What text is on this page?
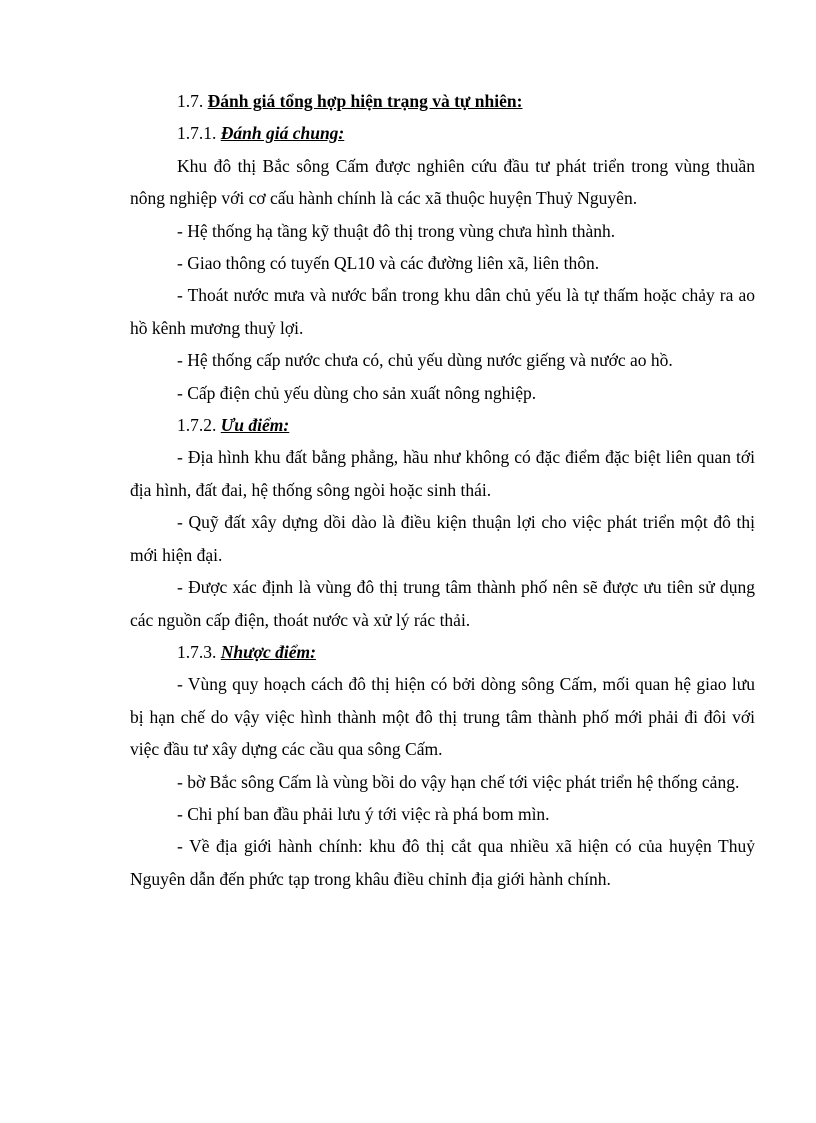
1.7. Đánh giá tổng hợp hiện trạng và tự nhiên:

1.7.1. Đánh giá chung:

Khu đô thị Bắc sông Cấm được nghiên cứu đầu tư phát triển trong vùng thuần nông nghiệp với cơ cấu hành chính là các xã thuộc huyện Thuỷ Nguyên.

- Hệ thống hạ tầng kỹ thuật đô thị trong vùng chưa hình thành.

- Giao thông có tuyến QL10 và các đường liên xã, liên thôn.

- Thoát nước mưa và nước bẩn trong khu dân chủ yếu là tự thấm hoặc chảy ra ao hồ kênh mương thuỷ lợi.

- Hệ thống cấp nước chưa có, chủ yếu dùng nước giếng và nước ao hồ.

- Cấp điện chủ yếu dùng cho sản xuất nông nghiệp.

1.7.2. Ưu điểm:

- Địa hình khu đất bằng phẳng, hầu như không có đặc điểm đặc biệt liên quan tới địa hình, đất đai, hệ thống sông ngòi hoặc sinh thái.

- Quỹ đất xây dựng dồi dào là điều kiện thuận lợi cho việc phát triển một đô thị mới hiện đại.

- Được xác định là vùng đô thị trung tâm thành phố nên sẽ được ưu tiên sử dụng các nguồn cấp điện, thoát nước và xử lý rác thải.

1.7.3. Nhược điểm:

- Vùng quy hoạch cách đô thị hiện có bởi dòng sông Cấm, mối quan hệ giao lưu bị hạn chế do vậy việc hình thành một đô thị trung tâm thành phố mới phải đi đôi với việc đầu tư xây dựng các cầu qua sông Cấm.

- bờ Bắc sông Cấm là vùng bồi do vậy hạn chế tới việc phát triển hệ thống cảng.

- Chi phí ban đầu phải lưu ý tới việc rà phá bom mìn.

- Về địa giới hành chính: khu đô thị cắt qua nhiều xã hiện có của huyện Thuỷ Nguyên dẫn đến phức tạp trong khâu điều chỉnh địa giới hành chính.
